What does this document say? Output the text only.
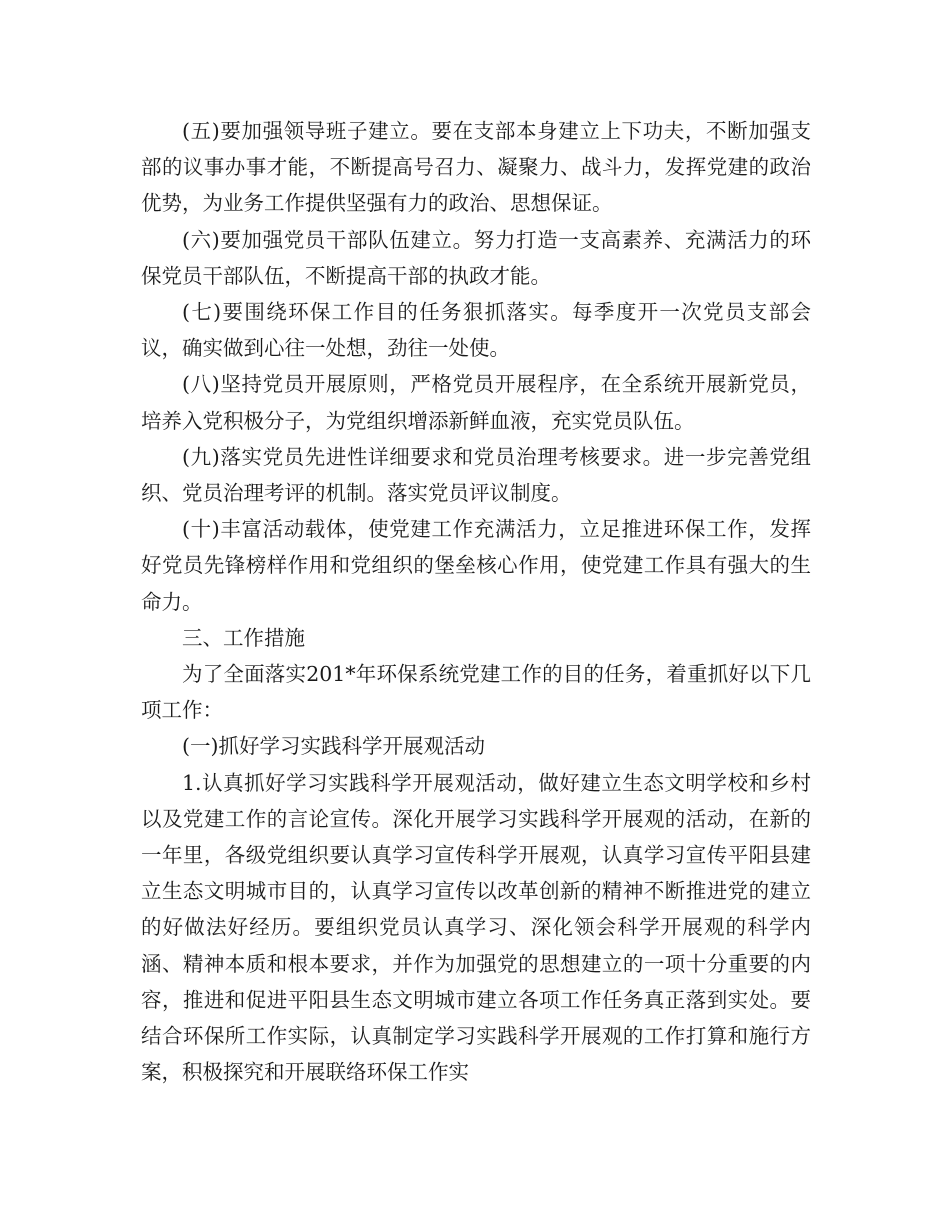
(五)要加强领导班子建立。要在支部本身建立上下功夫，不断加强支部的议事办事才能，不断提高号召力、凝聚力、战斗力，发挥党建的政治优势，为业务工作提供坚强有力的政治、思想保证。

(六)要加强党员干部队伍建立。努力打造一支高素养、充满活力的环保党员干部队伍，不断提高干部的执政才能。

(七)要围绕环保工作目的任务狠抓落实。每季度开一次党员支部会议，确实做到心往一处想，劲往一处使。

(八)坚持党员开展原则，严格党员开展程序，在全系统开展新党员，培养入党积极分子，为党组织增添新鲜血液，充实党员队伍。

(九)落实党员先进性详细要求和党员治理考核要求。进一步完善党组织、党员治理考评的机制。落实党员评议制度。

(十)丰富活动载体，使党建工作充满活力，立足推进环保工作，发挥好党员先锋榜样作用和党组织的堡垒核心作用，使党建工作具有强大的生命力。

三、工作措施

为了全面落实201*年环保系统党建工作的目的任务，着重抓好以下几项工作：

(一)抓好学习实践科学开展观活动

1.认真抓好学习实践科学开展观活动，做好建立生态文明学校和乡村以及党建工作的言论宣传。深化开展学习实践科学开展观的活动，在新的一年里，各级党组织要认真学习宣传科学开展观，认真学习宣传平阳县建立生态文明城市目的，认真学习宣传以改革创新的精神不断推进党的建立的好做法好经历。要组织党员认真学习、深化领会科学开展观的科学内涵、精神本质和根本要求，并作为加强党的思想建立的一项十分重要的内容，推进和促进平阳县生态文明城市建立各项工作任务真正落到实处。要结合环保所工作实际，认真制定学习实践科学开展观的工作打算和施行方案，积极探究和开展联络环保工作实
